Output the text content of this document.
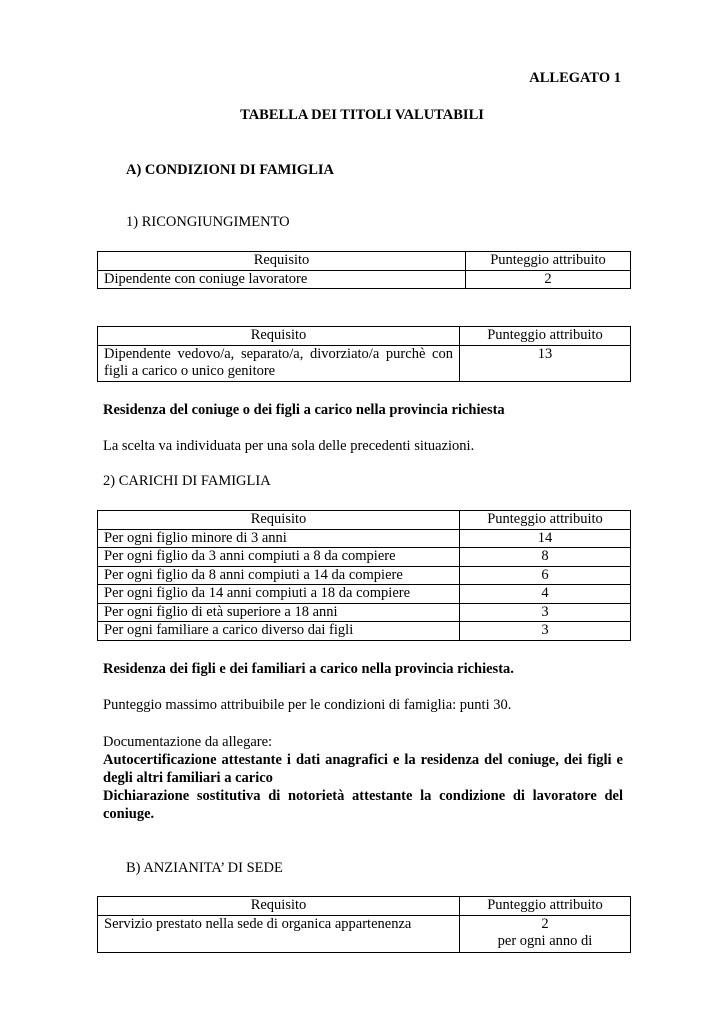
ALLEGATO 1
TABELLA DEI TITOLI VALUTABILI
A) CONDIZIONI DI FAMIGLIA
1) RICONGIUNGIMENTO
Requisito	Punteggio attribuito
Dipendente con coniuge lavoratore	2
Requisito	Punteggio attribuito
Dipendente vedovo/a, separato/a, divorziato/a purchè con figli a carico o unico genitore	13
Residenza del coniuge o dei figli a carico nella provincia richiesta
La scelta va individuata per una sola delle precedenti situazioni.
2) CARICHI DI FAMIGLIA
Requisito	Punteggio attribuito
Per ogni figlio minore di 3 anni	14
Per ogni figlio da 3 anni compiuti a 8 da compiere	8
Per ogni figlio da 8 anni compiuti a 14 da compiere	6
Per ogni figlio da 14 anni compiuti a 18 da compiere	4
Per ogni figlio di età superiore a 18 anni	3
Per ogni familiare a carico diverso dai figli	3
Residenza dei figli e dei familiari a carico nella provincia richiesta.
Punteggio massimo attribuibile per le condizioni di famiglia: punti 30.
Documentazione da allegare:
Autocertificazione attestante i dati anagrafici e la residenza del coniuge, dei figli e degli altri familiari a carico
Dichiarazione sostitutiva di notorietà attestante la condizione di lavoratore del coniuge.
B) ANZIANITA’ DI SEDE
Requisito	Punteggio attribuito
Servizio prestato nella sede di organica appartenenza	2
per ogni anno di
